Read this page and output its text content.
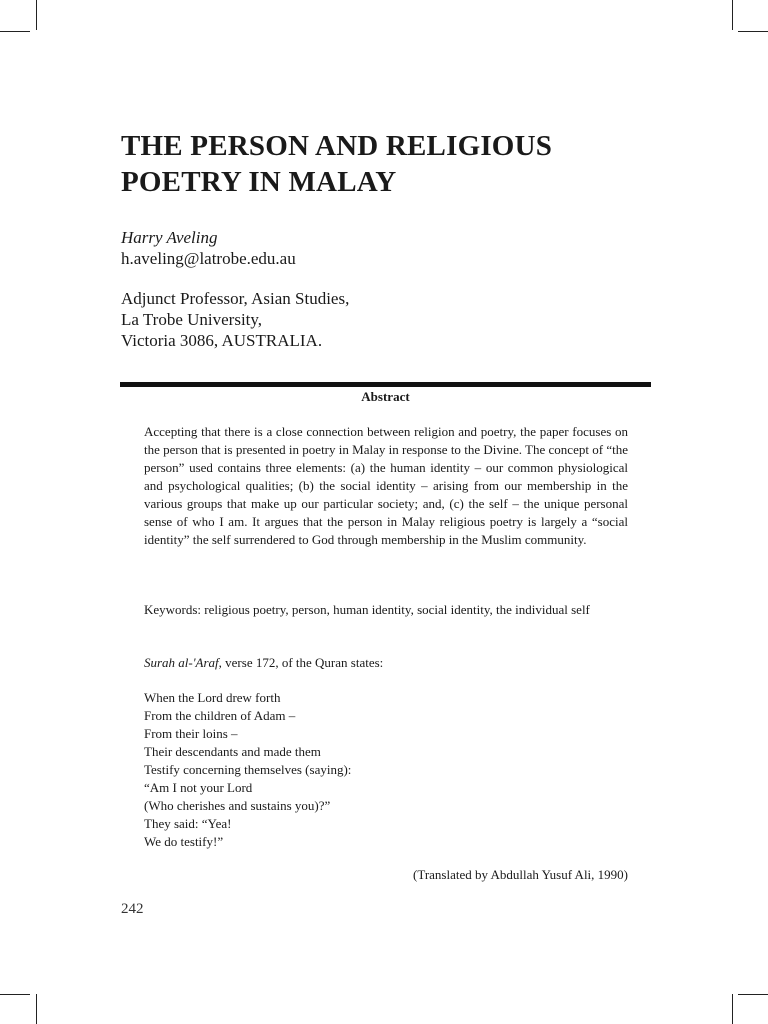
THE PERSON AND RELIGIOUS
POETRY IN MALAY
Harry Aveling
h.aveling@latrobe.edu.au
Adjunct Professor, Asian Studies,
La Trobe University,
Victoria 3086, AUSTRALIA.
Abstract
Accepting that there is a close connection between religion and poetry, the paper focuses on the person that is presented in poetry in Malay in response to the Divine. The concept of “the person” used contains three elements: (a) the human identity – our common physiological and psychological qualities; (b) the social identity – arising from our membership in the various groups that make up our particular society; and, (c) the self – the unique personal sense of who I am. It argues that the person in Malay religious poetry is largely a “social identity” the self surrendered to God through membership in the Muslim community.
Keywords: religious poetry, person, human identity, social identity, the individual self
Surah al-'Araf, verse 172, of the Quran states:
When the Lord drew forth
From the children of Adam –
From their loins –
Their descendants and made them
Testify concerning themselves (saying):
“Am I not your Lord
(Who cherishes and sustains you)?”
They said: “Yea!
We do testify!”
(Translated by Abdullah Yusuf Ali, 1990)
242
